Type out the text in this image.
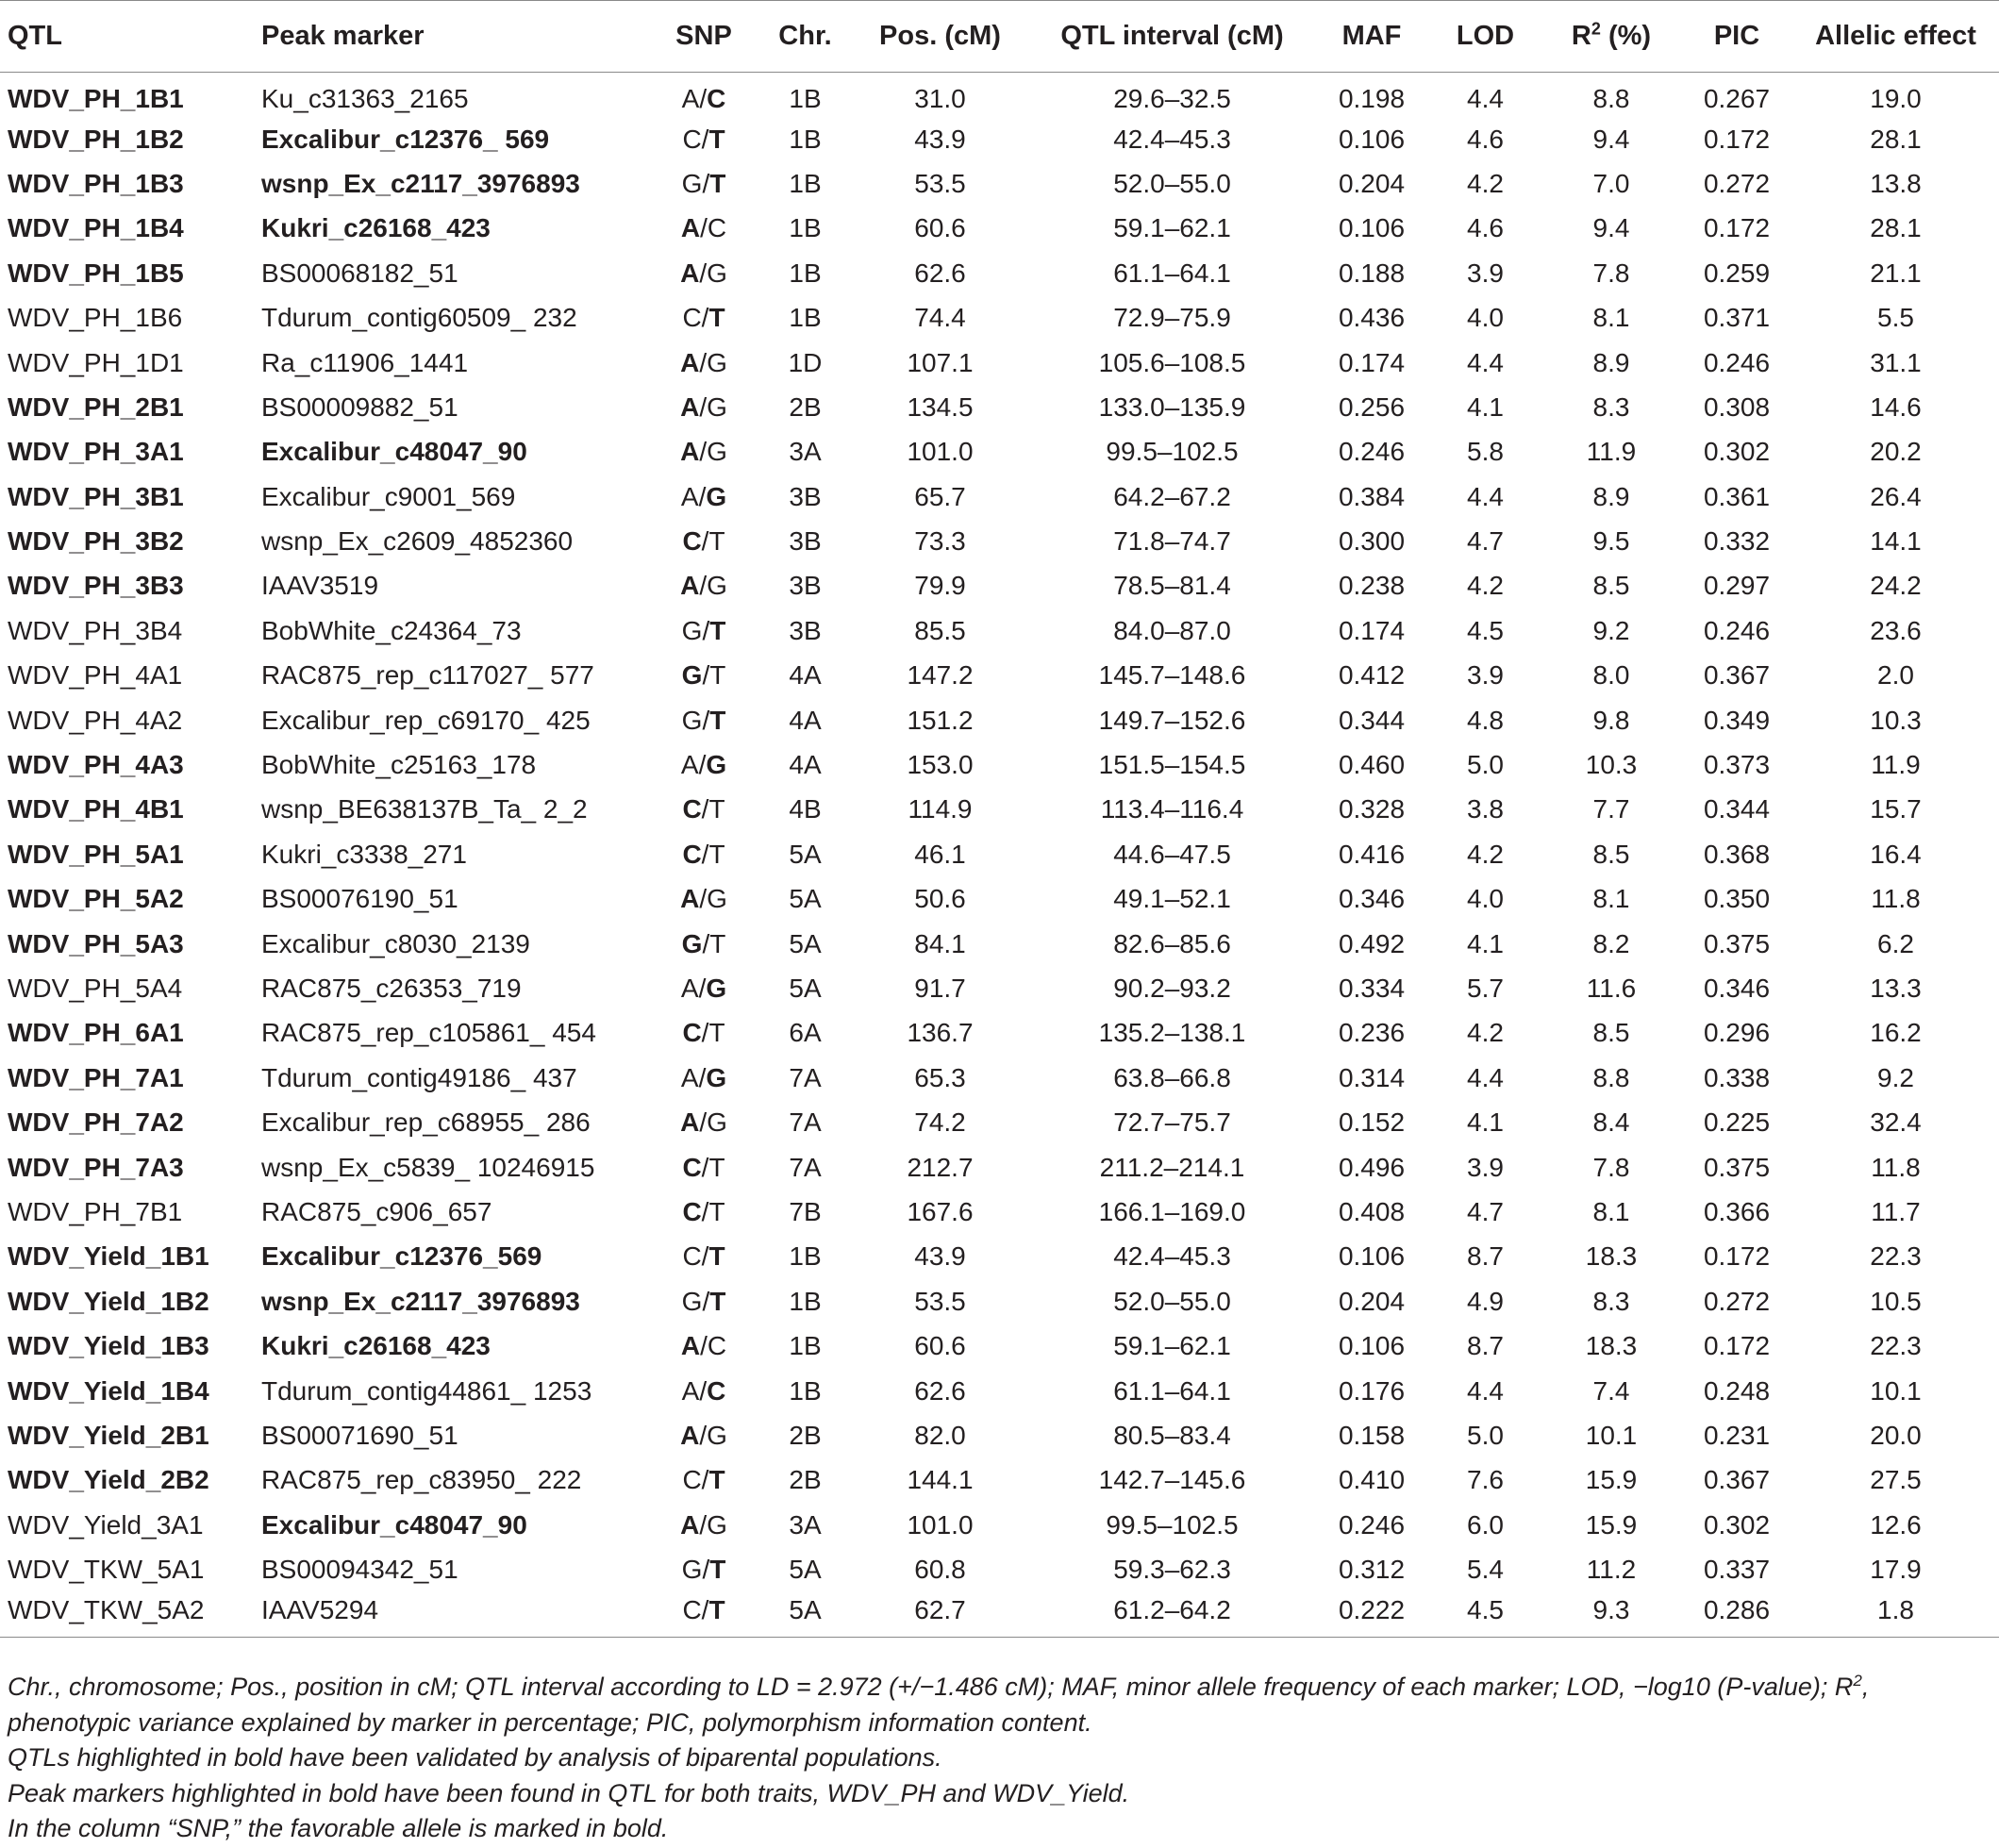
QTL	Peak marker	SNP	Chr.	Pos. (cM)	QTL interval (cM)	MAF	LOD	$R^2$ (%)	PIC	Allelic effect
WDV_PH_1B1	Ku_c31363_2165	A/C	1B	31.0	29.6–32.5	0.198	4.4	8.8	0.267	19.0
WDV_PH_1B2	Excalibur_c12376_ 569	C/T	1B	43.9	42.4–45.3	0.106	4.6	9.4	0.172	28.1
WDV_PH_1B3	wsnp_Ex_c2117_3976893	G/T	1B	53.5	52.0–55.0	0.204	4.2	7.0	0.272	13.8
WDV_PH_1B4	Kukri_c26168_423	A/C	1B	60.6	59.1–62.1	0.106	4.6	9.4	0.172	28.1
WDV_PH_1B5	BS00068182_51	A/G	1B	62.6	61.1–64.1	0.188	3.9	7.8	0.259	21.1
WDV_PH_1B6	Tdurum_contig60509_ 232	C/T	1B	74.4	72.9–75.9	0.436	4.0	8.1	0.371	5.5
WDV_PH_1D1	Ra_c11906_1441	A/G	1D	107.1	105.6–108.5	0.174	4.4	8.9	0.246	31.1
WDV_PH_2B1	BS00009882_51	A/G	2B	134.5	133.0–135.9	0.256	4.1	8.3	0.308	14.6
WDV_PH_3A1	Excalibur_c48047_90	A/G	3A	101.0	99.5–102.5	0.246	5.8	11.9	0.302	20.2
WDV_PH_3B1	Excalibur_c9001_569	A/G	3B	65.7	64.2–67.2	0.384	4.4	8.9	0.361	26.4
WDV_PH_3B2	wsnp_Ex_c2609_4852360	C/T	3B	73.3	71.8–74.7	0.300	4.7	9.5	0.332	14.1
WDV_PH_3B3	IAAV3519	A/G	3B	79.9	78.5–81.4	0.238	4.2	8.5	0.297	24.2
WDV_PH_3B4	BobWhite_c24364_73	G/T	3B	85.5	84.0–87.0	0.174	4.5	9.2	0.246	23.6
WDV_PH_4A1	RAC875_rep_c117027_ 577	G/T	4A	147.2	145.7–148.6	0.412	3.9	8.0	0.367	2.0
WDV_PH_4A2	Excalibur_rep_c69170_ 425	G/T	4A	151.2	149.7–152.6	0.344	4.8	9.8	0.349	10.3
WDV_PH_4A3	BobWhite_c25163_178	A/G	4A	153.0	151.5–154.5	0.460	5.0	10.3	0.373	11.9
WDV_PH_4B1	wsnp_BE638137B_Ta_ 2_2	C/T	4B	114.9	113.4–116.4	0.328	3.8	7.7	0.344	15.7
WDV_PH_5A1	Kukri_c3338_271	C/T	5A	46.1	44.6–47.5	0.416	4.2	8.5	0.368	16.4
WDV_PH_5A2	BS00076190_51	A/G	5A	50.6	49.1–52.1	0.346	4.0	8.1	0.350	11.8
WDV_PH_5A3	Excalibur_c8030_2139	G/T	5A	84.1	82.6–85.6	0.492	4.1	8.2	0.375	6.2
WDV_PH_5A4	RAC875_c26353_719	A/G	5A	91.7	90.2–93.2	0.334	5.7	11.6	0.346	13.3
WDV_PH_6A1	RAC875_rep_c105861_ 454	C/T	6A	136.7	135.2–138.1	0.236	4.2	8.5	0.296	16.2
WDV_PH_7A1	Tdurum_contig49186_ 437	A/G	7A	65.3	63.8–66.8	0.314	4.4	8.8	0.338	9.2
WDV_PH_7A2	Excalibur_rep_c68955_ 286	A/G	7A	74.2	72.7–75.7	0.152	4.1	8.4	0.225	32.4
WDV_PH_7A3	wsnp_Ex_c5839_ 10246915	C/T	7A	212.7	211.2–214.1	0.496	3.9	7.8	0.375	11.8
WDV_PH_7B1	RAC875_c906_657	C/T	7B	167.6	166.1–169.0	0.408	4.7	8.1	0.366	11.7
WDV_Yield_1B1	Excalibur_c12376_569	C/T	1B	43.9	42.4–45.3	0.106	8.7	18.3	0.172	22.3
WDV_Yield_1B2	wsnp_Ex_c2117_3976893	G/T	1B	53.5	52.0–55.0	0.204	4.9	8.3	0.272	10.5
WDV_Yield_1B3	Kukri_c26168_423	A/C	1B	60.6	59.1–62.1	0.106	8.7	18.3	0.172	22.3
WDV_Yield_1B4	Tdurum_contig44861_ 1253	A/C	1B	62.6	61.1–64.1	0.176	4.4	7.4	0.248	10.1
WDV_Yield_2B1	BS00071690_51	A/G	2B	82.0	80.5–83.4	0.158	5.0	10.1	0.231	20.0
WDV_Yield_2B2	RAC875_rep_c83950_ 222	C/T	2B	144.1	142.7–145.6	0.410	7.6	15.9	0.367	27.5
WDV_Yield_3A1	Excalibur_c48047_90	A/G	3A	101.0	99.5–102.5	0.246	6.0	15.9	0.302	12.6
WDV_TKW_5A1	BS00094342_51	G/T	5A	60.8	59.3–62.3	0.312	5.4	11.2	0.337	17.9
WDV_TKW_5A2	IAAV5294	C/T	5A	62.7	61.2–64.2	0.222	4.5	9.3	0.286	1.8

Chr., chromosome; Pos., position in cM; QTL interval according to LD = 2.972 (+/−1.486 cM); MAF, minor allele frequency of each marker; LOD, −log10 (P-value); $R^2$,

phenotypic variance explained by marker in percentage; PIC, polymorphism information content.

QTLs highlighted in bold have been validated by analysis of biparental populations.

Peak markers highlighted in bold have been found in QTL for both traits, WDV_PH and WDV_Yield.

In the column “SNP,” the favorable allele is marked in bold.
